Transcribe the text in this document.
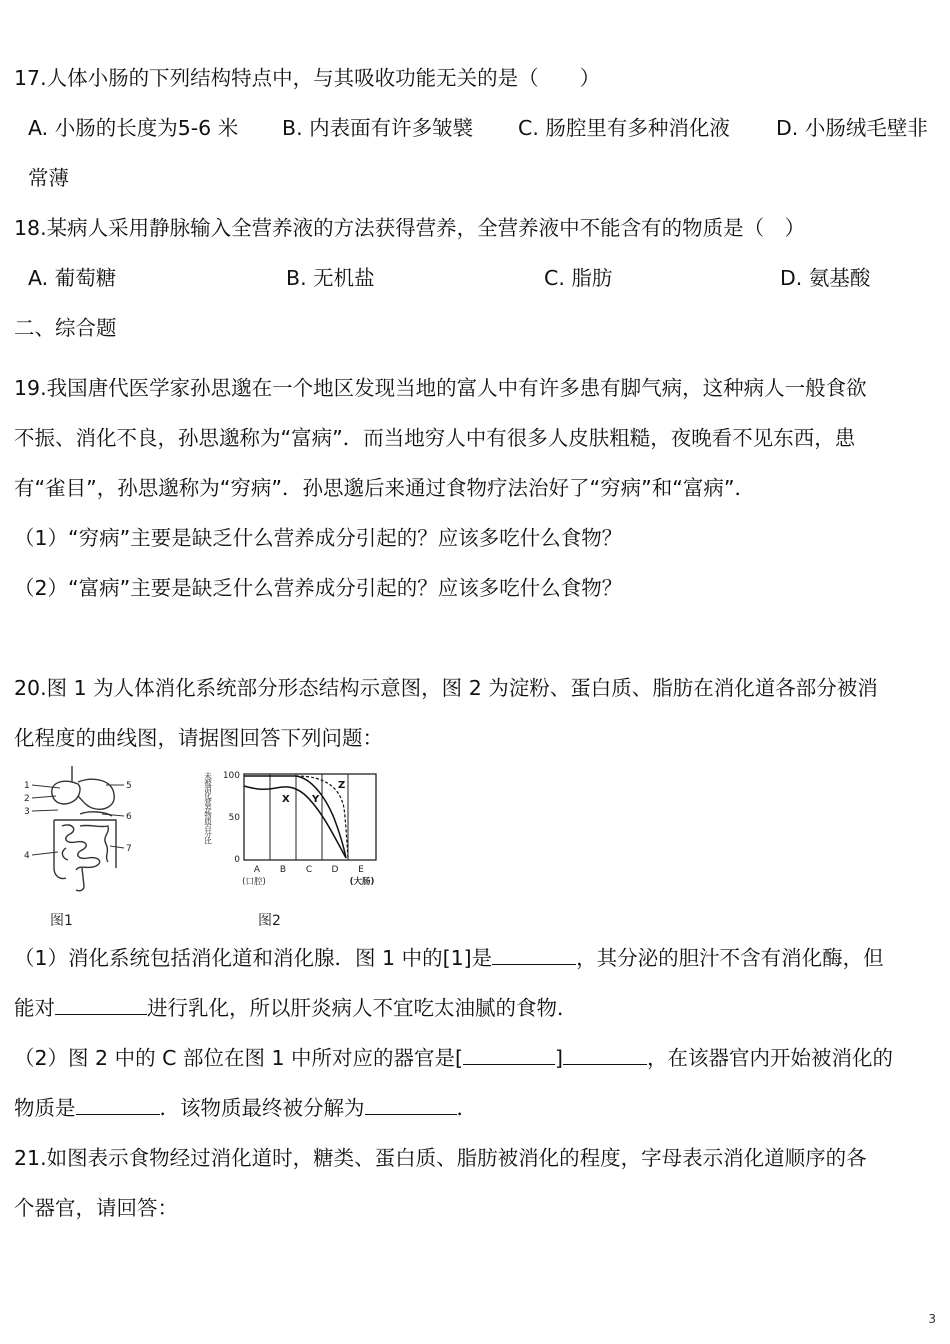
17.人体小肠的下列结构特点中，与其吸收功能无关的是（　　）
A. 小肠的长度为5-6 米 B. 内表面有许多皱襞 C. 肠腔里有多种消化液 D. 小肠绒毛壁非
常薄
18.某病人采用静脉输入全营养液的方法获得营养，全营养液中不能含有的物质是（　）
A. 葡萄糖	B. 无机盐	C. 脂肪	D. 氨基酸
二、综合题
19.我国唐代医学家孙思邈在一个地区发现当地的富人中有许多患有脚气病，这种病人一般食欲
不振、消化不良，孙思邈称为“富病”．而当地穷人中有很多人皮肤粗糙，夜晚看不见东西，患
有“雀目”，孙思邈称为“穷病”．孙思邈后来通过食物疗法治好了“穷病”和“富病”．
（1）“穷病”主要是缺乏什么营养成分引起的？应该多吃什么食物？
（2）“富病”主要是缺乏什么营养成分引起的？应该多吃什么食物？
20.图 1 为人体消化系统部分形态结构示意图，图 2 为淀粉、蛋白质、脂肪在消化道各部分被消
化程度的曲线图，请据图回答下列问题：
1
2
3
4
5
6
7
未被消化营养物质百分比 100
50
0
X Y
Z
A B C D E
(口腔)	(大肠)
图1	图2
（1）消化系统包括消化道和消化腺．图 1 中的[1]是	，其分泌的胆汁不含有消化酶，但
能对	进行乳化，所以肝炎病人不宜吃太油腻的食物．
（2）图 2 中的 C 部位在图 1 中所对应的器官是[	]	，在该器官内开始被消化的
物质是	．该物质最终被分解为	．
21.如图表示食物经过消化道时，糖类、蛋白质、脂肪被消化的程度，字母表示消化道顺序的各
个器官，请回答：
3
